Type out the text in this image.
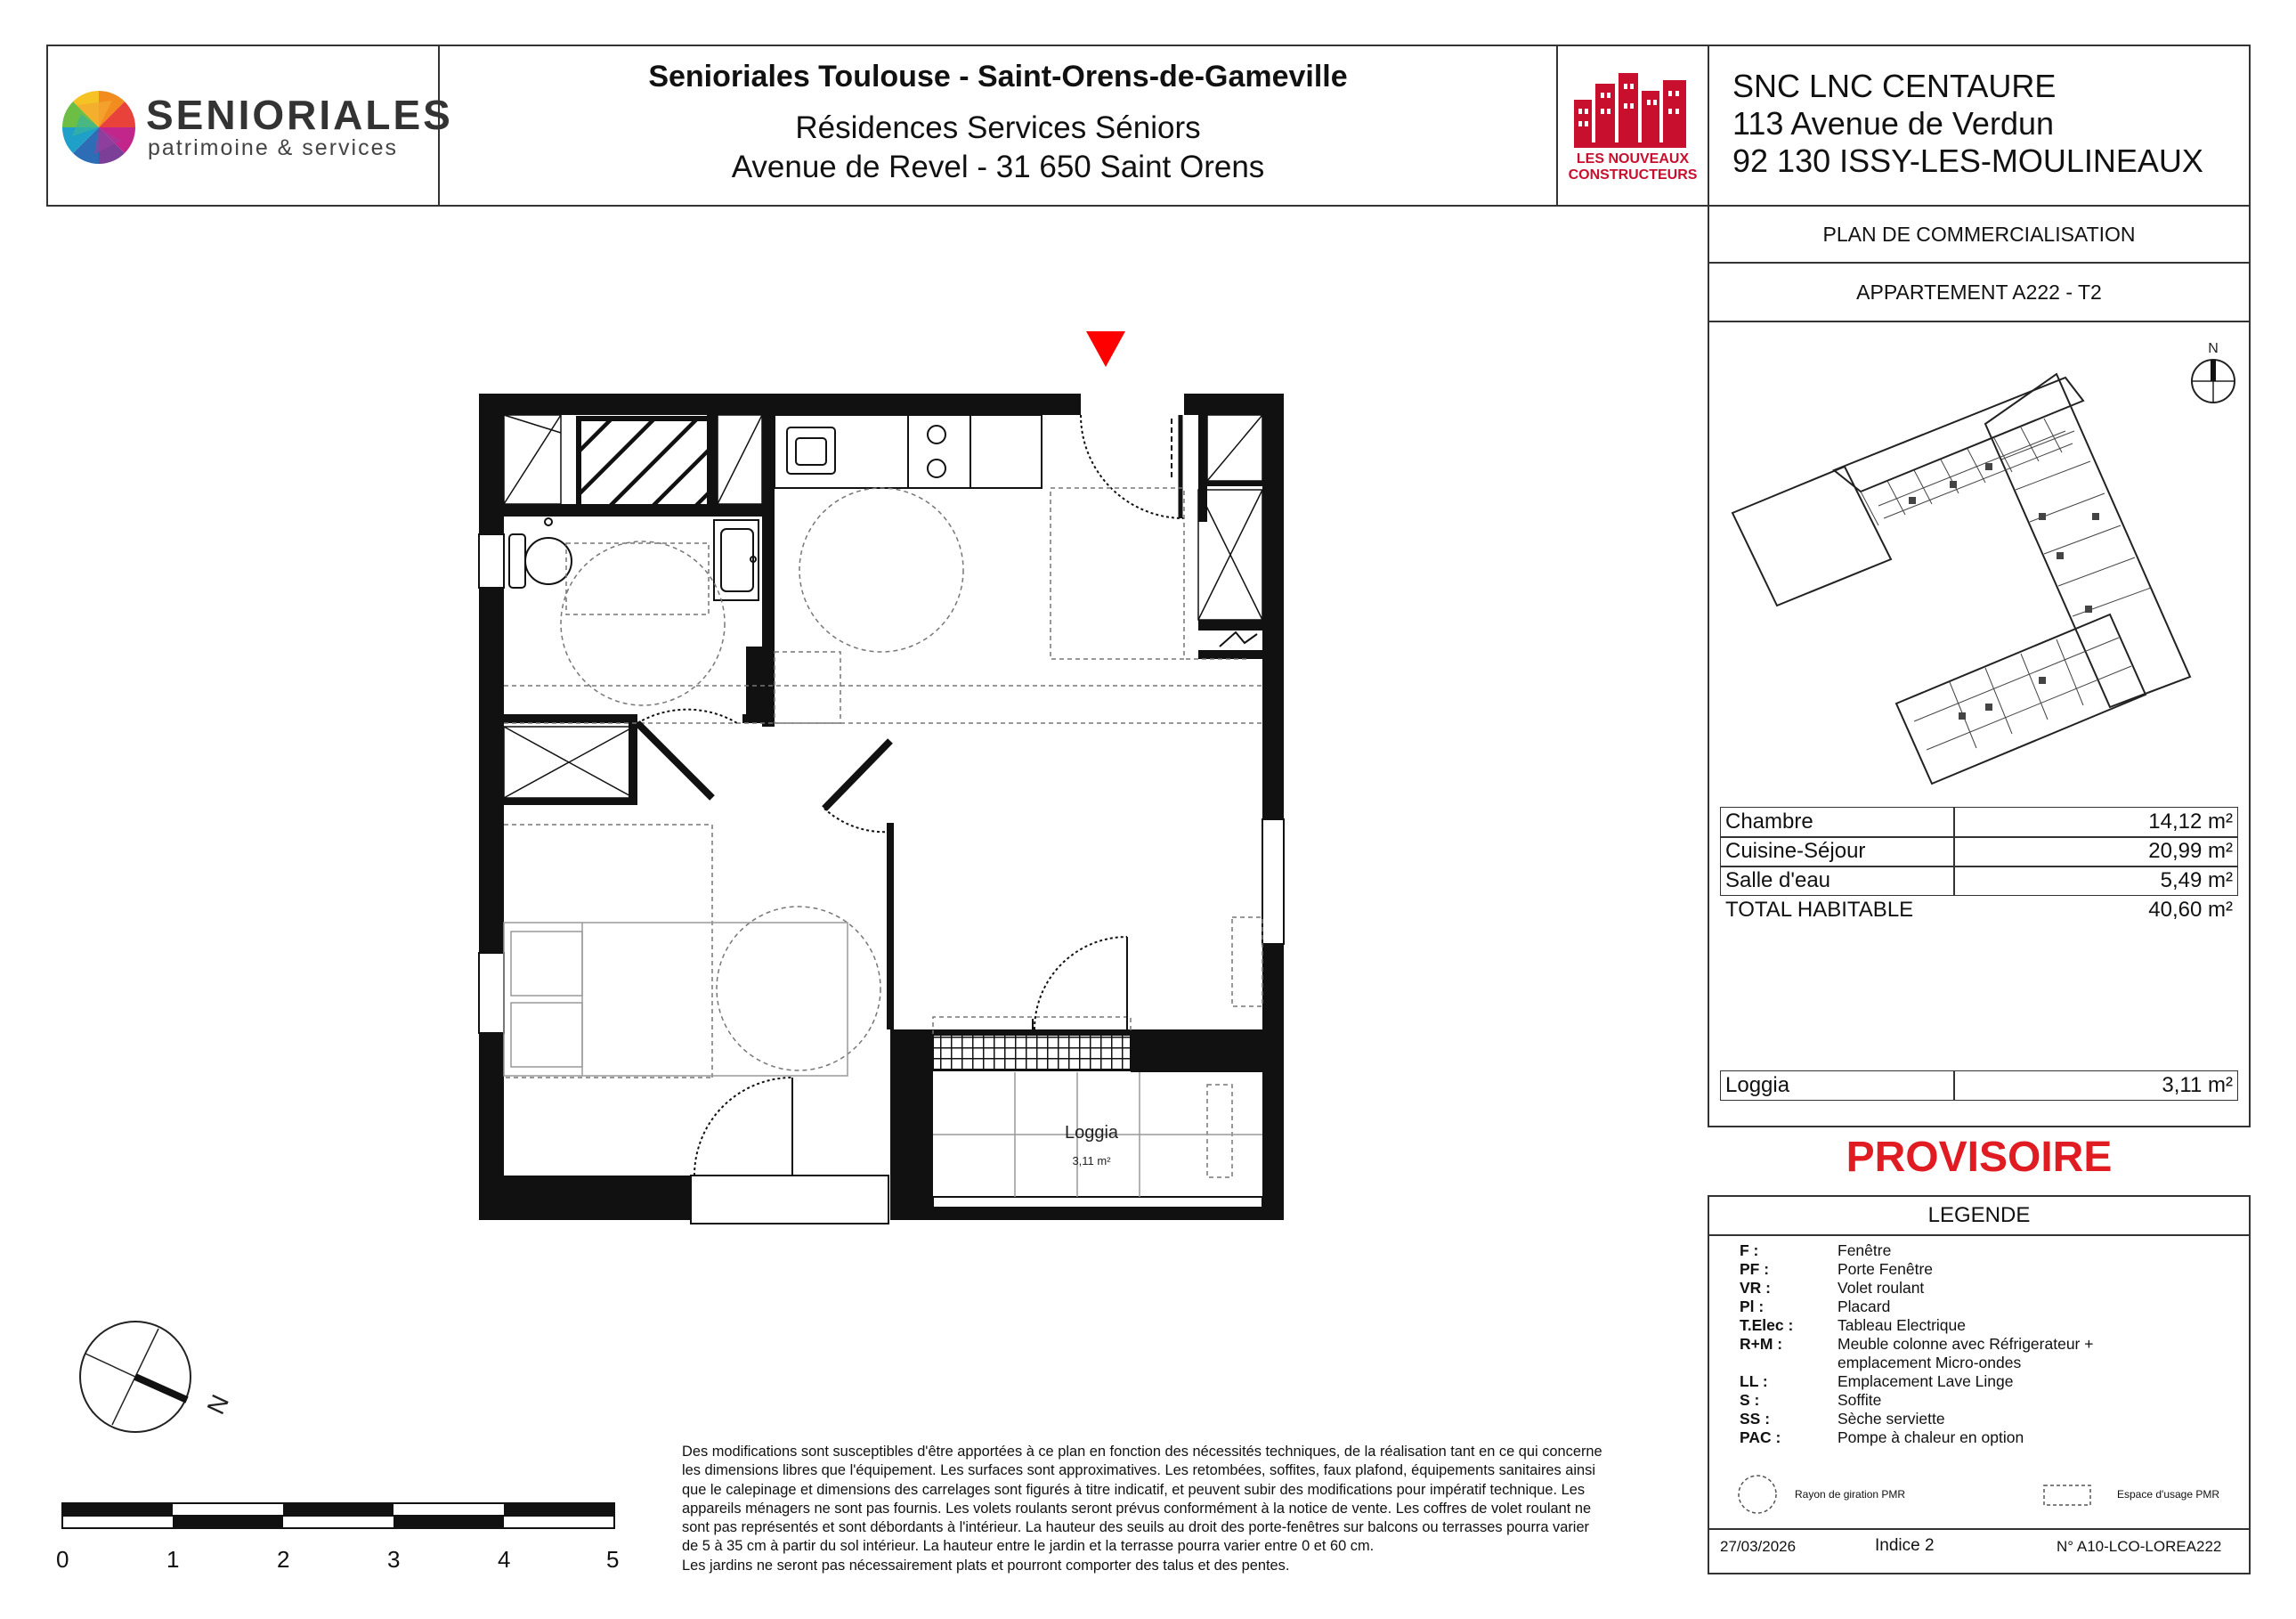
SENIORIALES
patrimoine & services
Senioriales Toulouse - Saint-Orens-de-Gameville
Résidences Services Séniors
Avenue de Revel - 31 650 Saint Orens	LES NOUVEAUX
CONSTRUCTEURS
SNC LNC CENTAURE
113 Avenue de Verdun
92 130 ISSY-LES-MOULINEAUX
PLAN DE COMMERCIALISATION
APPARTEMENT A222 - T2
N
Chambre	14,12 m²
Cuisine-Séjour	20,99 m²
Salle d'eau	5,49 m²
TOTAL HABITABLE	40,60 m²
Loggia	3,11 m²
PROVISOIRE
LEGENDE
F :	Fenêtre
PF :	Porte Fenêtre
VR :	Volet roulant
Pl :	Placard
T.Elec :	Tableau Electrique
R+M :	Meuble colonne avec Réfrigerateur + emplacement Micro-ondes
LL :	Emplacement Lave Linge
S :	Soffite
SS :	Sèche serviette
PAC :	Pompe à chaleur en option
Rayon de giration PMR	Espace d'usage PMR
27/03/2026	Indice 2	N° A10-LCO-LOREA222
Loggia
3,11 m²
N
0	1	2	3	4	5
Des modifications sont susceptibles d'être apportées à ce plan en fonction des nécessités techniques, de la réalisation tant en ce qui concerne
les dimensions libres que l'équipement. Les surfaces sont approximatives. Les retombées, soffites, faux plafond, équipements sanitaires ainsi
que le calepinage et dimensions des carrelages sont figurés à titre indicatif, et peuvent subir des modifications pour impératif technique. Les
appareils ménagers ne sont pas fournis. Les volets roulants seront prévus conformément à la notice de vente. Les coffres de volet roulant ne
sont pas représentés et sont débordants à l'intérieur. La hauteur des seuils au droit des porte-fenêtres sur balcons ou terrasses pourra varier
de 5 à 35 cm à partir du sol intérieur. La hauteur entre le jardin et la terrasse pourra varier entre 0 et 60 cm.
Les jardins ne seront pas nécessairement plats et pourront comporter des talus et des pentes.
